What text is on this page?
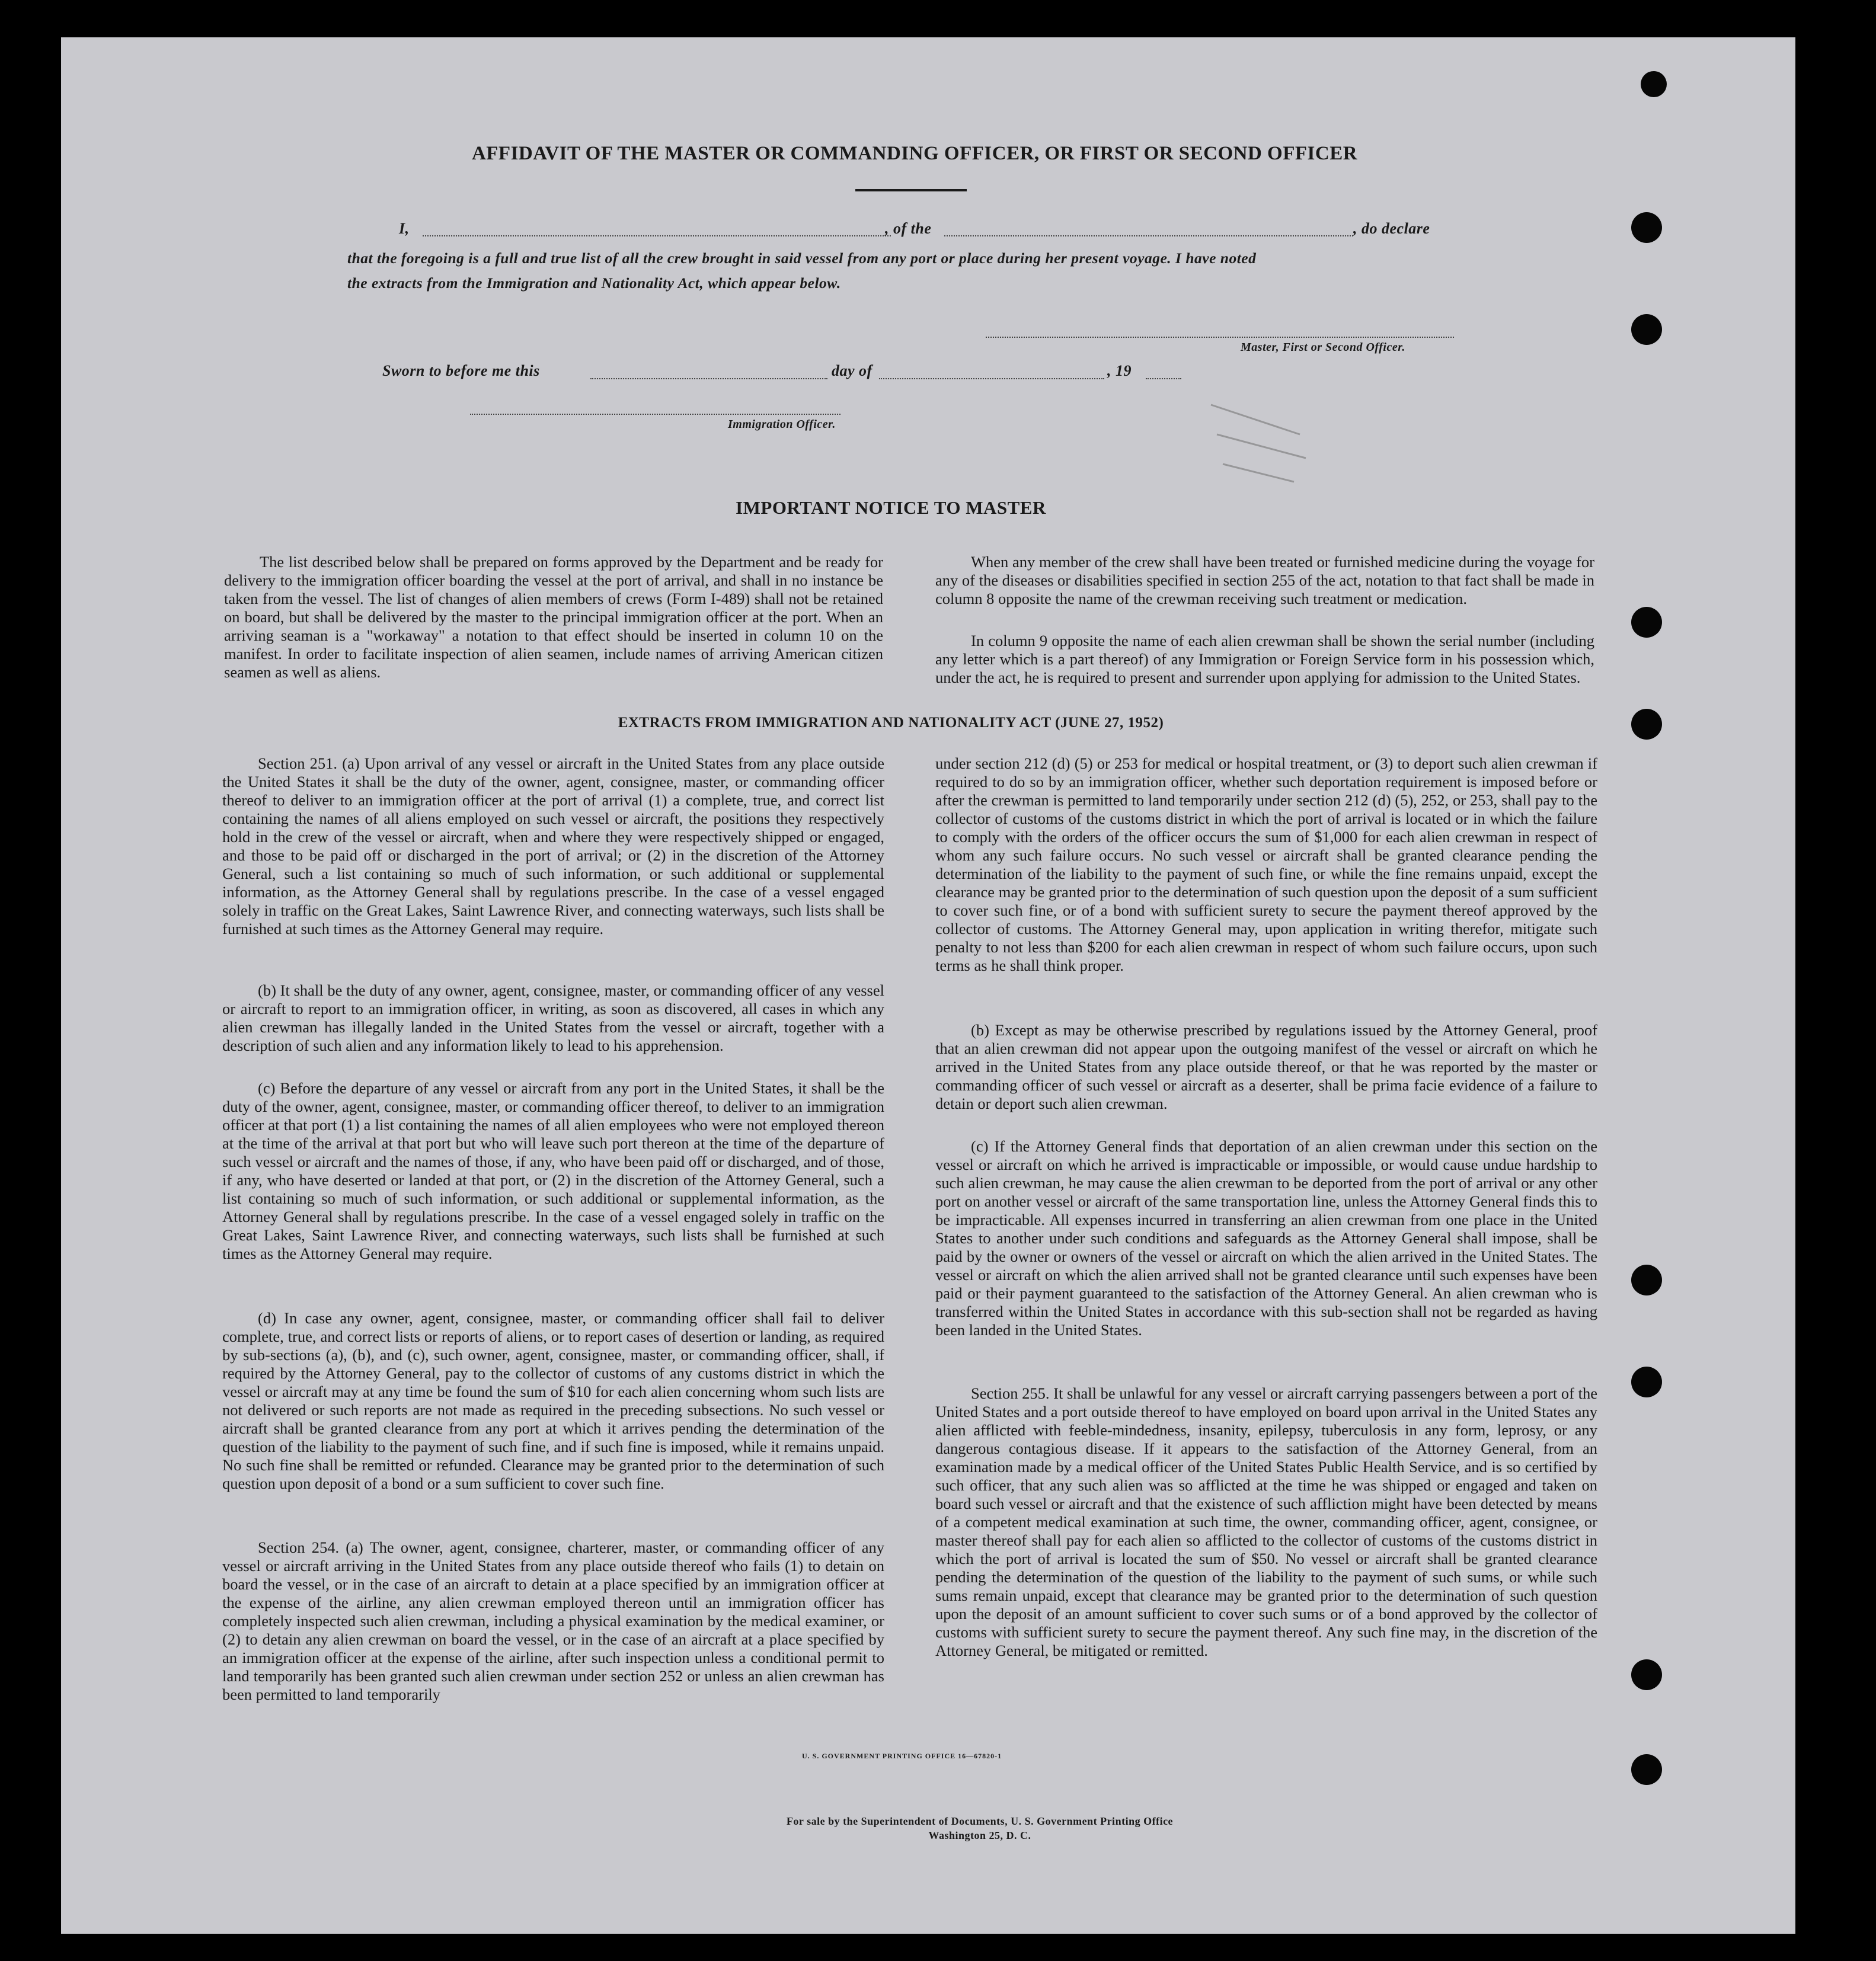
AFFIDAVIT OF THE MASTER OR COMMANDING OFFICER, OR FIRST OR SECOND OFFICER
I,	, of the	, do declare
that the foregoing is a full and true list of all the crew brought in said vessel from any port or place during her present voyage. I have noted
the extracts from the Immigration and Nationality Act, which appear below.
Master, First or Second Officer.
Sworn to before me this	day of	, 19
Immigration Officer.
IMPORTANT NOTICE TO MASTER

The list described below shall be prepared on forms approved by the Department and be ready for delivery to the immigration officer boarding the vessel at the port of arrival, and shall in no instance be taken from the vessel. The list of changes of alien members of crews (Form I-489) shall not be retained on board, but shall be delivered by the master to the principal immigration officer at the port. When an arriving seaman is a "workaway" a notation to that effect should be inserted in column 10 on the manifest. In order to facilitate inspection of alien seamen, include names of arriving American citizen seamen as well as aliens.

When any member of the crew shall have been treated or furnished medicine during the voyage for any of the diseases or disabilities specified in section 255 of the act, notation to that fact shall be made in column 8 opposite the name of the crewman receiving such treatment or medication.

In column 9 opposite the name of each alien crewman shall be shown the serial number (including any letter which is a part thereof) of any Immigration or Foreign Service form in his possession which, under the act, he is required to present and surrender upon applying for admission to the United States.

EXTRACTS FROM IMMIGRATION AND NATIONALITY ACT (JUNE 27, 1952)

Section 251. (a) Upon arrival of any vessel or aircraft in the United States from any place outside the United States it shall be the duty of the owner, agent, consignee, master, or commanding officer thereof to deliver to an immigration officer at the port of arrival (1) a complete, true, and correct list containing the names of all aliens employed on such vessel or aircraft, the positions they respectively hold in the crew of the vessel or aircraft, when and where they were respectively shipped or engaged, and those to be paid off or discharged in the port of arrival; or (2) in the discretion of the Attorney General, such a list containing so much of such information, or such additional or supplemental information, as the Attorney General shall by regulations prescribe. In the case of a vessel engaged solely in traffic on the Great Lakes, Saint Lawrence River, and connecting waterways, such lists shall be furnished at such times as the Attorney General may require.

(b) It shall be the duty of any owner, agent, consignee, master, or commanding officer of any vessel or aircraft to report to an immigration officer, in writing, as soon as discovered, all cases in which any alien crewman has illegally landed in the United States from the vessel or aircraft, together with a description of such alien and any information likely to lead to his apprehension.

(c) Before the departure of any vessel or aircraft from any port in the United States, it shall be the duty of the owner, agent, consignee, master, or commanding officer thereof, to deliver to an immigration officer at that port (1) a list containing the names of all alien employees who were not employed thereon at the time of the arrival at that port but who will leave such port thereon at the time of the departure of such vessel or aircraft and the names of those, if any, who have been paid off or discharged, and of those, if any, who have deserted or landed at that port, or (2) in the discretion of the Attorney General, such a list containing so much of such information, or such additional or supplemental information, as the Attorney General shall by regulations prescribe. In the case of a vessel engaged solely in traffic on the Great Lakes, Saint Lawrence River, and connecting waterways, such lists shall be furnished at such times as the Attorney General may require.

(d) In case any owner, agent, consignee, master, or commanding officer shall fail to deliver complete, true, and correct lists or reports of aliens, or to report cases of desertion or landing, as required by sub-sections (a), (b), and (c), such owner, agent, consignee, master, or commanding officer, shall, if required by the Attorney General, pay to the collector of customs of any customs district in which the vessel or aircraft may at any time be found the sum of $10 for each alien concerning whom such lists are not delivered or such reports are not made as required in the preceding subsections. No such vessel or aircraft shall be granted clearance from any port at which it arrives pending the determination of the question of the liability to the payment of such fine, and if such fine is imposed, while it remains unpaid. No such fine shall be remitted or refunded. Clearance may be granted prior to the determination of such question upon deposit of a bond or a sum sufficient to cover such fine.

Section 254. (a) The owner, agent, consignee, charterer, master, or commanding officer of any vessel or aircraft arriving in the United States from any place outside thereof who fails (1) to detain on board the vessel, or in the case of an aircraft to detain at a place specified by an immigration officer at the expense of the airline, any alien crewman employed thereon until an immigration officer has completely inspected such alien crewman, including a physical examination by the medical examiner, or (2) to detain any alien crewman on board the vessel, or in the case of an aircraft at a place specified by an immigration officer at the expense of the airline, after such inspection unless a conditional permit to land temporarily has been granted such alien crewman under section 252 or unless an alien crewman has been permitted to land temporarily

under section 212 (d) (5) or 253 for medical or hospital treatment, or (3) to deport such alien crewman if required to do so by an immigration officer, whether such deportation requirement is imposed before or after the crewman is permitted to land temporarily under section 212 (d) (5), 252, or 253, shall pay to the collector of customs of the customs district in which the port of arrival is located or in which the failure to comply with the orders of the officer occurs the sum of $1,000 for each alien crewman in respect of whom any such failure occurs. No such vessel or aircraft shall be granted clearance pending the determination of the liability to the payment of such fine, or while the fine remains unpaid, except the clearance may be granted prior to the determination of such question upon the deposit of a sum sufficient to cover such fine, or of a bond with sufficient surety to secure the payment thereof approved by the collector of customs. The Attorney General may, upon application in writing therefor, mitigate such penalty to not less than $200 for each alien crewman in respect of whom such failure occurs, upon such terms as he shall think proper.

(b) Except as may be otherwise prescribed by regulations issued by the Attorney General, proof that an alien crewman did not appear upon the outgoing manifest of the vessel or aircraft on which he arrived in the United States from any place outside thereof, or that he was reported by the master or commanding officer of such vessel or aircraft as a deserter, shall be prima facie evidence of a failure to detain or deport such alien crewman.

(c) If the Attorney General finds that deportation of an alien crewman under this section on the vessel or aircraft on which he arrived is impracticable or impossible, or would cause undue hardship to such alien crewman, he may cause the alien crewman to be deported from the port of arrival or any other port on another vessel or aircraft of the same transportation line, unless the Attorney General finds this to be impracticable. All expenses incurred in transferring an alien crewman from one place in the United States to another under such conditions and safeguards as the Attorney General shall impose, shall be paid by the owner or owners of the vessel or aircraft on which the alien arrived in the United States. The vessel or aircraft on which the alien arrived shall not be granted clearance until such expenses have been paid or their payment guaranteed to the satisfaction of the Attorney General. An alien crewman who is transferred within the United States in accordance with this sub-section shall not be regarded as having been landed in the United States.

Section 255. It shall be unlawful for any vessel or aircraft carrying passengers between a port of the United States and a port outside thereof to have employed on board upon arrival in the United States any alien afflicted with feeble-mindedness, insanity, epilepsy, tuberculosis in any form, leprosy, or any dangerous contagious disease. If it appears to the satisfaction of the Attorney General, from an examination made by a medical officer of the United States Public Health Service, and is so certified by such officer, that any such alien was so afflicted at the time he was shipped or engaged and taken on board such vessel or aircraft and that the existence of such affliction might have been detected by means of a competent medical examination at such time, the owner, commanding officer, agent, consignee, or master thereof shall pay for each alien so afflicted to the collector of customs of the customs district in which the port of arrival is located the sum of $50. No vessel or aircraft shall be granted clearance pending the determination of the question of the liability to the payment of such sums, or while such sums remain unpaid, except that clearance may be granted prior to the determination of such question upon the deposit of an amount sufficient to cover such sums or of a bond approved by the collector of customs with sufficient surety to secure the payment thereof. Any such fine may, in the discretion of the Attorney General, be mitigated or remitted.

U. S. GOVERNMENT PRINTING OFFICE 16—67820-1
For sale by the Superintendent of Documents, U. S. Government Printing Office
Washington 25, D. C.
